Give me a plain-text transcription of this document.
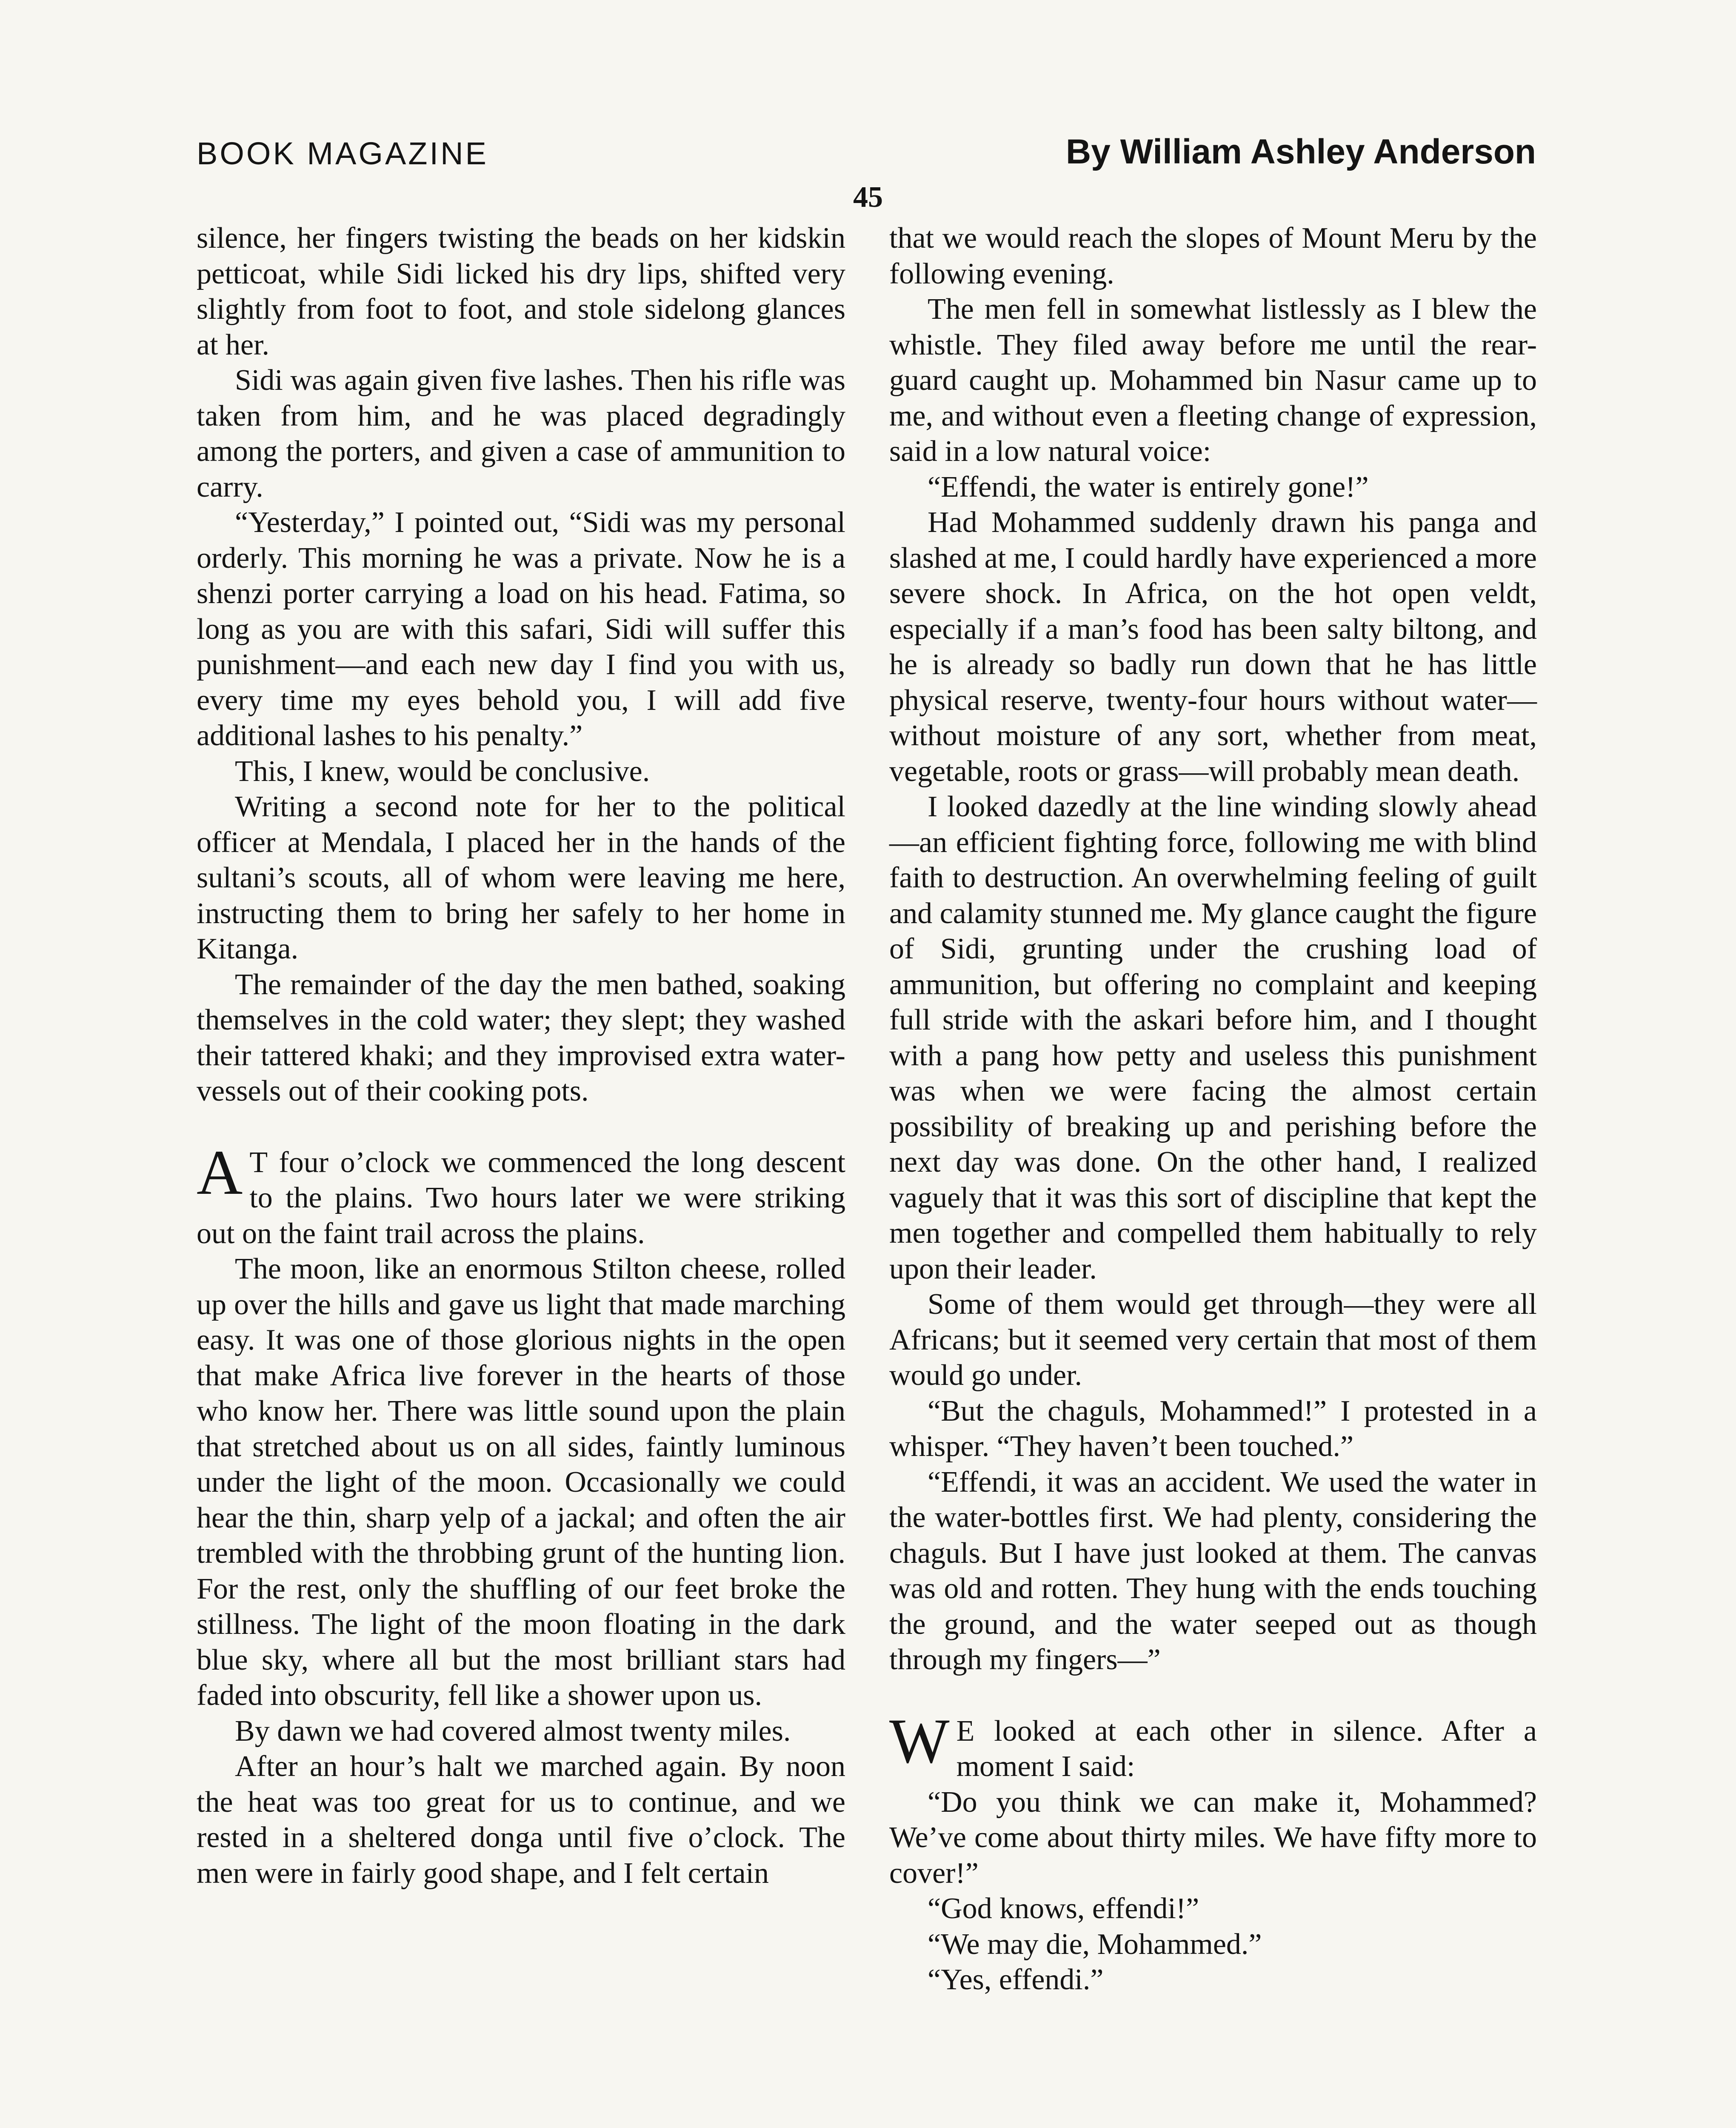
BOOK MAGAZINE	By William Ashley Anderson
45

silence, her fingers twisting the beads on her kidskin petticoat, while Sidi licked his dry lips, shifted very slightly from foot to foot, and stole sidelong glances at her.

Sidi was again given five lashes. Then his rifle was taken from him, and he was placed degradingly among the porters, and given a case of ammunition to carry.

“Yesterday,” I pointed out, “Sidi was my personal orderly. This morning he was a private. Now he is a shenzi porter carrying a load on his head. Fatima, so long as you are with this safari, Sidi will suffer this punishment—and each new day I find you with us, every time my eyes behold you, I will add five additional lashes to his penalty.”

This, I knew, would be conclusive.

Writing a second note for her to the political officer at Mendala, I placed her in the hands of the sultani’s scouts, all of whom were leaving me here, instructing them to bring her safely to her home in Kitanga.

The remainder of the day the men bathed, soaking themselves in the cold water; they slept; they washed their tattered khaki; and they improvised extra water-vessels out of their cooking pots.

A T four o’clock we commenced the long descent to the plains. Two hours later we were striking out on the faint trail across the plains.

The moon, like an enormous Stilton cheese, rolled up over the hills and gave us light that made marching easy. It was one of those glorious nights in the open that make Africa live forever in the hearts of those who know her. There was little sound upon the plain that stretched about us on all sides, faintly luminous under the light of the moon. Occasionally we could hear the thin, sharp yelp of a jackal; and often the air trembled with the throbbing grunt of the hunting lion. For the rest, only the shuffling of our feet broke the stillness. The light of the moon floating in the dark blue sky, where all but the most brilliant stars had faded into obscurity, fell like a shower upon us.

By dawn we had covered almost twenty miles.

After an hour’s halt we marched again. By noon the heat was too great for us to continue, and we rested in a sheltered donga until five o’clock. The men were in fairly good shape, and I felt certain

that we would reach the slopes of Mount Meru by the following evening.

The men fell in somewhat listlessly as I blew the whistle. They filed away before me until the rear-guard caught up. Mohammed bin Nasur came up to me, and without even a fleeting change of expression, said in a low natural voice:

“Effendi, the water is entirely gone!”

Had Mohammed suddenly drawn his panga and slashed at me, I could hardly have experienced a more severe shock. In Africa, on the hot open veldt, especially if a man’s food has been salty biltong, and he is already so badly run down that he has little physical reserve, twenty-four hours without water—without moisture of any sort, whether from meat, vegetable, roots or grass—will probably mean death.

I looked dazedly at the line winding slowly ahead—an efficient fighting force, following me with blind faith to destruction. An overwhelming feeling of guilt and calamity stunned me. My glance caught the figure of Sidi, grunting under the crushing load of ammunition, but offering no complaint and keeping full stride with the askari before him, and I thought with a pang how petty and useless this punishment was when we were facing the almost certain possibility of breaking up and perishing before the next day was done. On the other hand, I realized vaguely that it was this sort of discipline that kept the men together and compelled them habitually to rely upon their leader.

Some of them would get through—they were all Africans; but it seemed very certain that most of them would go under.

“But the chaguls, Mohammed!” I protested in a whisper. “They haven’t been touched.”

“Effendi, it was an accident. We used the water in the water-bottles first. We had plenty, considering the chaguls. But I have just looked at them. The canvas was old and rotten. They hung with the ends touching the ground, and the water seeped out as though through my fingers—”

W E looked at each other in silence. After a moment I said:

“Do you think we can make it, Mohammed? We’ve come about thirty miles. We have fifty more to cover!”

“God knows, effendi!”

“We may die, Mohammed.”

“Yes, effendi.”
